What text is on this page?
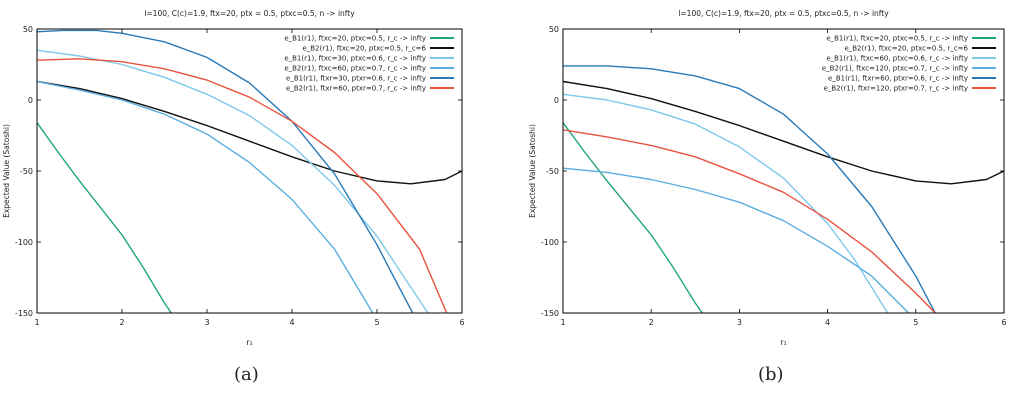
l=100, C(c)=1.9, ftx=20, ptx = 0.5, ptxc=0.5, n -> infty
1	2	3	4	5	6
-150
-100
-50
0
50
r₁
Expected Value (Satoshi)
e_B1(r1), ftxc=20, ptxc=0.5, r_c -> infty
e_B2(r1), ftxc=20, ptxc=0.5, r_c=6
e_B1(r1), ftxc=30, ptxc=0.6, r_c -> infty
e_B2(r1), ftxc=60, ptxc=0.7, r_c -> infty
e_B1(r1), ftxr=30, ptxr=0.6, r_c -> infty
e_B2(r1), ftxr=60, ptxr=0.7, r_c -> infty
l=100, C(c)=1.9, ftx=20, ptx = 0.5, ptxc=0.5, n -> infty
1	2	3	4	5	6
-150
-100
-50
0
50
r₁
Expected Value (Satoshi)
e_B1(r1), ftxc=20, ptxc=0.5, r_c -> infty
e_B2(r1), ftxc=20, ptxc=0.5, r_c=6
e_B1(r1), ftxc=60, ptxc=0.6, r_c -> infty
e_B2(r1), ftxc=120, ptxc=0.7, r_c -> infty
e_B1(r1), ftxr=60, ptxr=0.6, r_c -> infty
e_B2(r1), ftxr=120, ptxr=0.7, r_c -> infty
(a)	(b)
